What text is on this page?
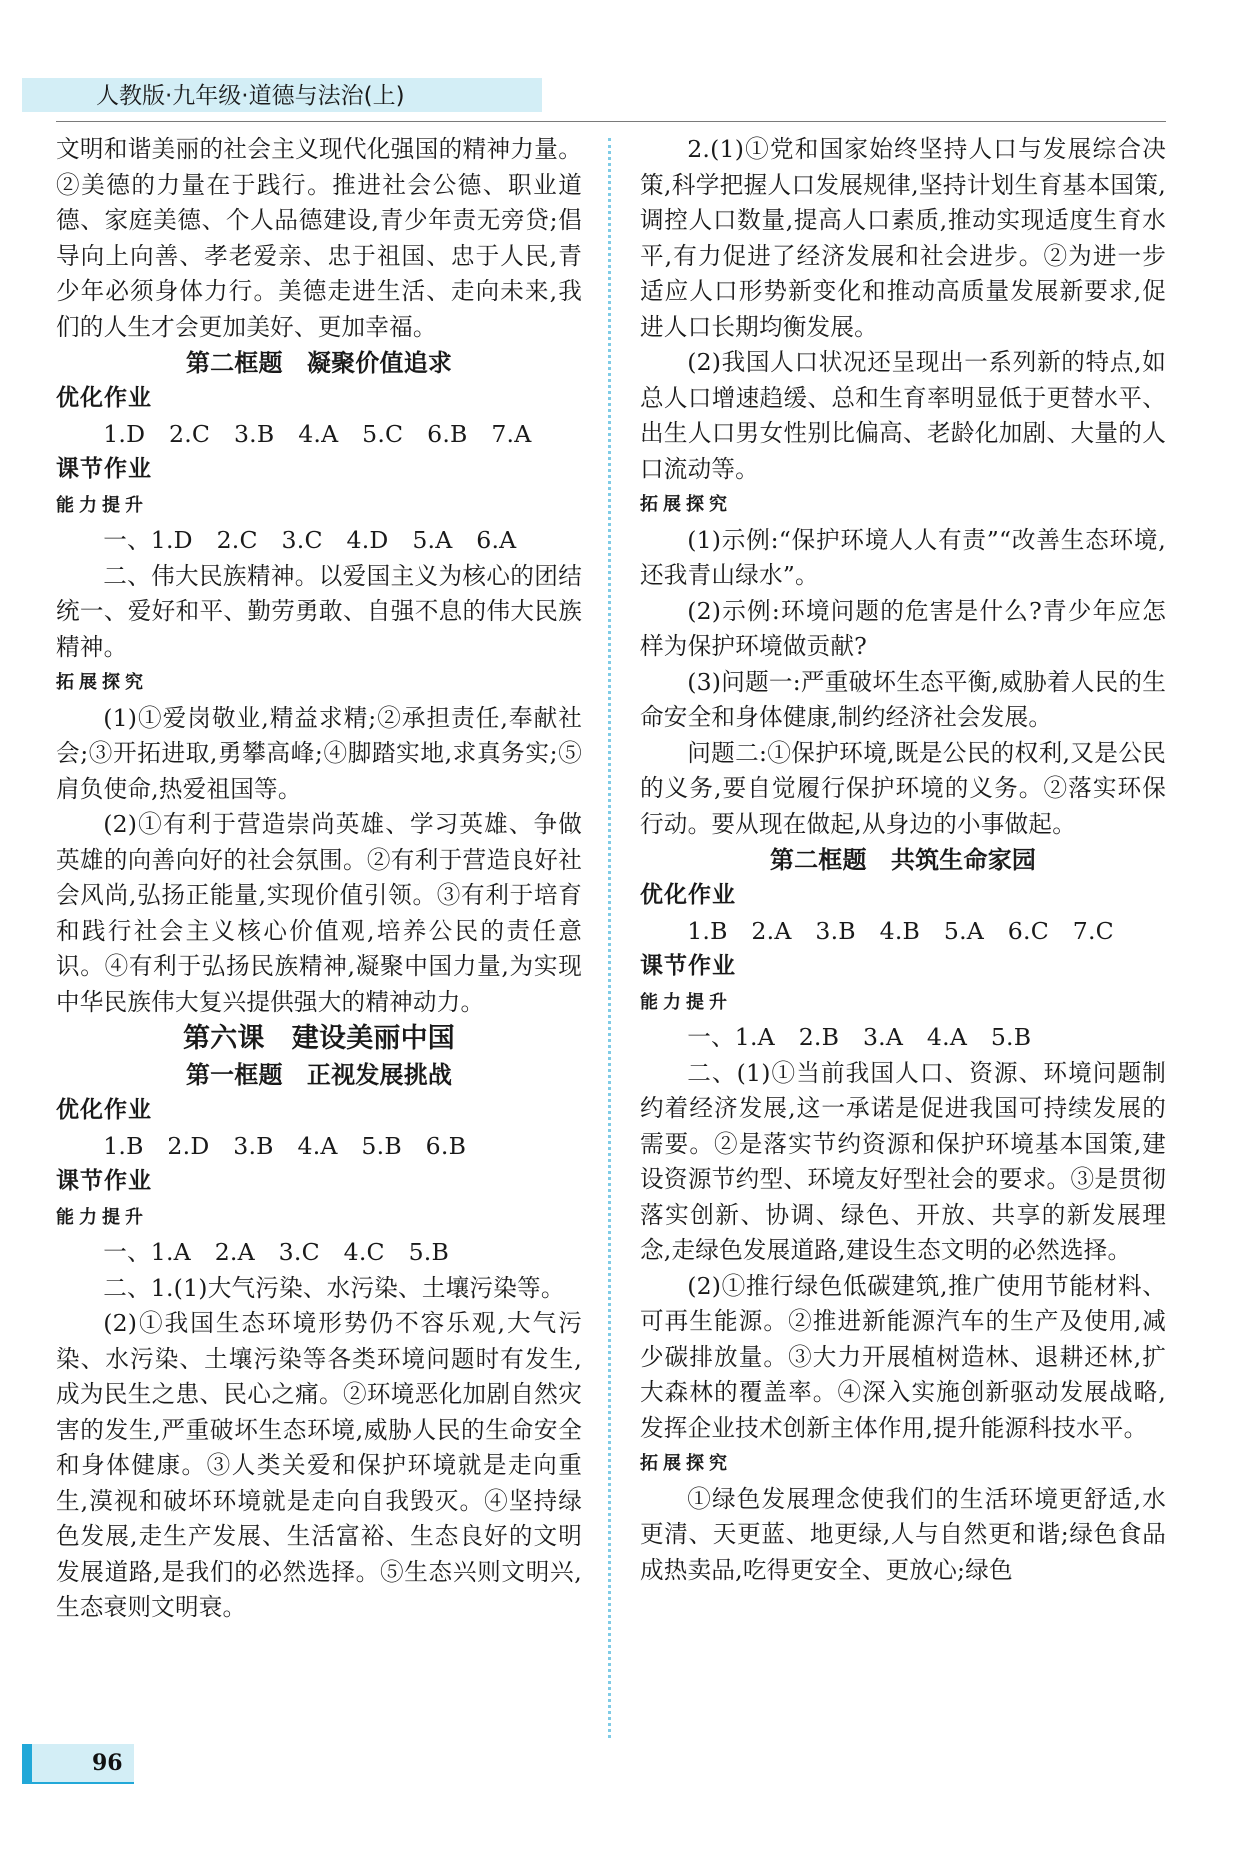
人教版·九年级·道德与法治(上)

文明和谐美丽的社会主义现代化强国的精神力量。②美德的力量在于践行。推进社会公德、职业道德、家庭美德、个人品德建设,青少年责无旁贷;倡导向上向善、孝老爱亲、忠于祖国、忠于人民,青少年必须身体力行。美德走进生活、走向未来,我们的人生才会更加美好、更加幸福。

第二框题　凝聚价值追求
优化作业

1.D　2.C　3.B　4.A　5.C　6.B　7.A

课节作业
能力提升

一、1.D　2.C　3.C　4.D　5.A　6.A

二、伟大民族精神。以爱国主义为核心的团结统一、爱好和平、勤劳勇敢、自强不息的伟大民族精神。

拓展探究

(1)①爱岗敬业,精益求精;②承担责任,奉献社会;③开拓进取,勇攀高峰;④脚踏实地,求真务实;⑤肩负使命,热爱祖国等。

(2)①有利于营造崇尚英雄、学习英雄、争做英雄的向善向好的社会氛围。②有利于营造良好社会风尚,弘扬正能量,实现价值引领。③有利于培育和践行社会主义核心价值观,培养公民的责任意识。④有利于弘扬民族精神,凝聚中国力量,为实现中华民族伟大复兴提供强大的精神动力。

第六课　建设美丽中国
第一框题　正视发展挑战
优化作业

1.B　2.D　3.B　4.A　5.B　6.B

课节作业
能力提升

一、1.A　2.A　3.C　4.C　5.B

二、1.(1)大气污染、水污染、土壤污染等。

(2)①我国生态环境形势仍不容乐观,大气污染、水污染、土壤污染等各类环境问题时有发生,成为民生之患、民心之痛。②环境恶化加剧自然灾害的发生,严重破坏生态环境,威胁人民的生命安全和身体健康。③人类关爱和保护环境就是走向重生,漠视和破坏环境就是走向自我毁灭。④坚持绿色发展,走生产发展、生活富裕、生态良好的文明发展道路,是我们的必然选择。⑤生态兴则文明兴,生态衰则文明衰。

2.(1)①党和国家始终坚持人口与发展综合决策,科学把握人口发展规律,坚持计划生育基本国策,调控人口数量,提高人口素质,推动实现适度生育水平,有力促进了经济发展和社会进步。②为进一步适应人口形势新变化和推动高质量发展新要求,促进人口长期均衡发展。

(2)我国人口状况还呈现出一系列新的特点,如总人口增速趋缓、总和生育率明显低于更替水平、出生人口男女性别比偏高、老龄化加剧、大量的人口流动等。

拓展探究

(1)示例:“保护环境人人有责”“改善生态环境,还我青山绿水”。

(2)示例:环境问题的危害是什么?青少年应怎样为保护环境做贡献?

(3)问题一:严重破坏生态平衡,威胁着人民的生命安全和身体健康,制约经济社会发展。

问题二:①保护环境,既是公民的权利,又是公民的义务,要自觉履行保护环境的义务。②落实环保行动。要从现在做起,从身边的小事做起。

第二框题　共筑生命家园
优化作业

1.B　2.A　3.B　4.B　5.A　6.C　7.C

课节作业
能力提升

一、1.A　2.B　3.A　4.A　5.B

二、(1)①当前我国人口、资源、环境问题制约着经济发展,这一承诺是促进我国可持续发展的需要。②是落实节约资源和保护环境基本国策,建设资源节约型、环境友好型社会的要求。③是贯彻落实创新、协调、绿色、开放、共享的新发展理念,走绿色发展道路,建设生态文明的必然选择。

(2)①推行绿色低碳建筑,推广使用节能材料、可再生能源。②推进新能源汽车的生产及使用,减少碳排放量。③大力开展植树造林、退耕还林,扩大森林的覆盖率。④深入实施创新驱动发展战略,发挥企业技术创新主体作用,提升能源科技水平。

拓展探究

①绿色发展理念使我们的生活环境更舒适,水更清、天更蓝、地更绿,人与自然更和谐;绿色食品成热卖品,吃得更安全、更放心;绿色

96
